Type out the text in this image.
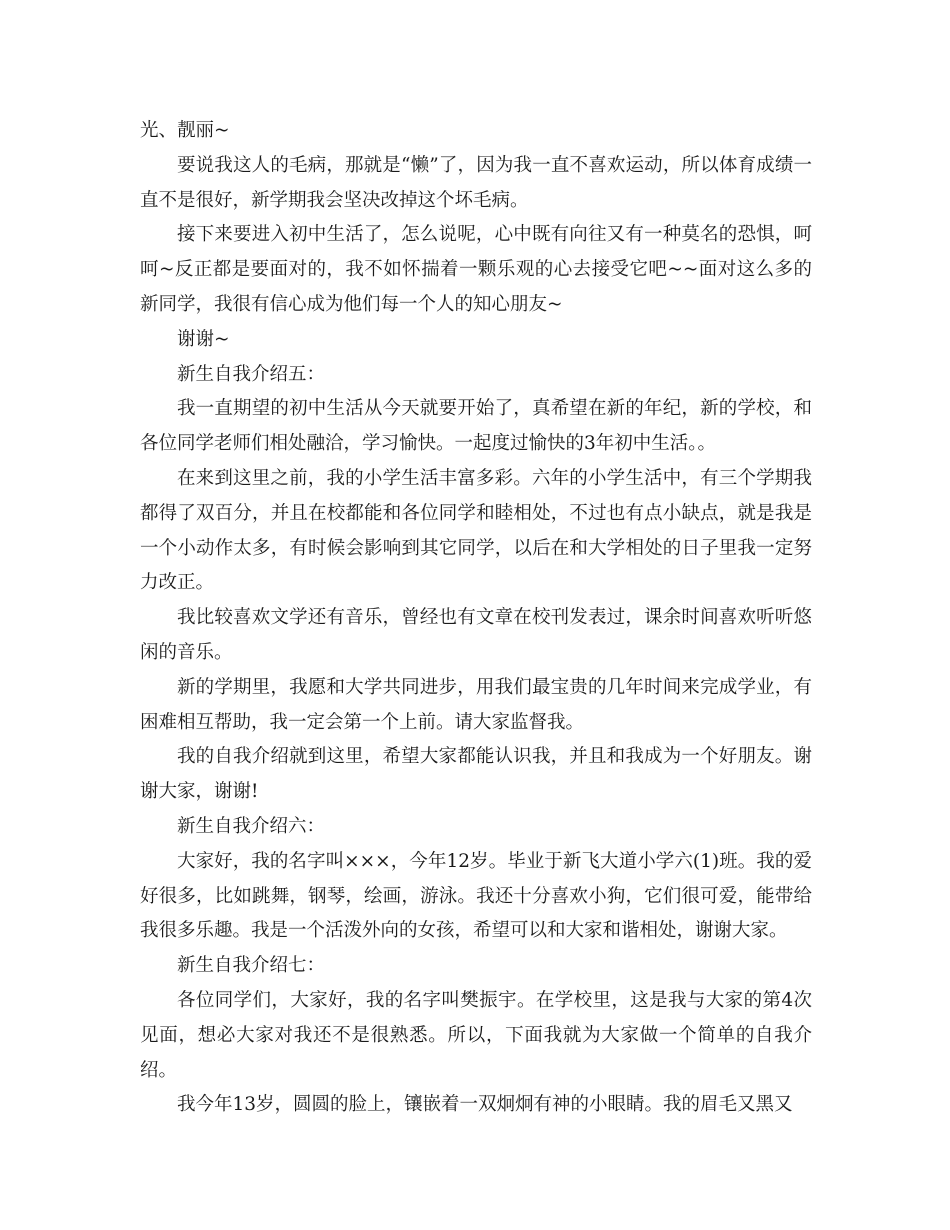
光、靓丽~

要说我这人的毛病，那就是“懒”了，因为我一直不喜欢运动，所以体育成绩一直不是很好，新学期我会坚决改掉这个坏毛病。

接下来要进入初中生活了，怎么说呢，心中既有向往又有一种莫名的恐惧，呵呵~反正都是要面对的，我不如怀揣着一颗乐观的心去接受它吧~~面对这么多的新同学，我很有信心成为他们每一个人的知心朋友~

谢谢~

新生自我介绍五：

我一直期望的初中生活从今天就要开始了，真希望在新的年纪，新的学校，和各位同学老师们相处融洽，学习愉快。一起度过愉快的3年初中生活。。

在来到这里之前，我的小学生活丰富多彩。六年的小学生活中，有三个学期我都得了双百分，并且在校都能和各位同学和睦相处，不过也有点小缺点，就是我是一个小动作太多，有时候会影响到其它同学，以后在和大学相处的日子里我一定努力改正。

我比较喜欢文学还有音乐，曾经也有文章在校刊发表过，课余时间喜欢听听悠闲的音乐。

新的学期里，我愿和大学共同进步，用我们最宝贵的几年时间来完成学业，有困难相互帮助，我一定会第一个上前。请大家监督我。

我的自我介绍就到这里，希望大家都能认识我，并且和我成为一个好朋友。谢谢大家，谢谢!

新生自我介绍六：

大家好，我的名字叫×××，今年12岁。毕业于新飞大道小学六(1)班。我的爱好很多，比如跳舞，钢琴，绘画，游泳。我还十分喜欢小狗，它们很可爱，能带给我很多乐趣。我是一个活泼外向的女孩，希望可以和大家和谐相处，谢谢大家。

新生自我介绍七：

各位同学们，大家好，我的名字叫樊振宇。在学校里，这是我与大家的第4次见面，想必大家对我还不是很熟悉。所以，下面我就为大家做一个简单的自我介绍。

我今年13岁，圆圆的脸上，镶嵌着一双炯炯有神的小眼睛。我的眉毛又黑又
